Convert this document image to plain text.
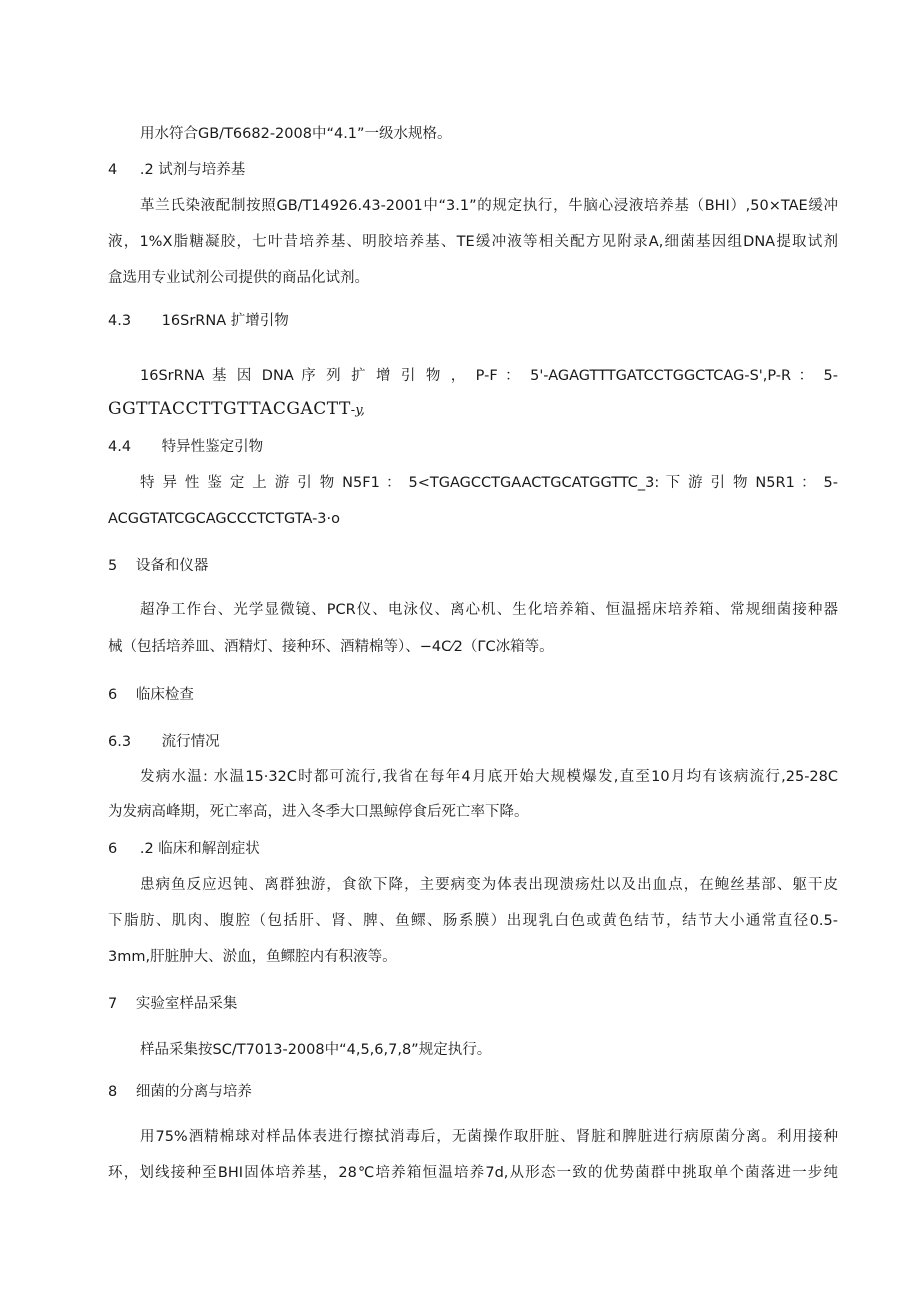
用水符合GB/T6682-2008中“4.1”一级水规格。
4 .2 试剂与培养基
革兰氏染液配制按照GB/T14926.43-2001中“3.1”的规定执行，牛脑心浸液培养基（BHI）,50×TAE缓冲
液，1%X脂糖凝胶，七叶昔培养基、明胶培养基、TE缓冲液等相关配方见附录A,细菌基因组DNA提取试剂
盒选用专业试剂公司提供的商品化试剂。
4.3 16SrRNA 扩增引物
16SrRNA 基 因 DNA 序 列 扩 增 引 物 ， P-F ： 5'-AGAGTTTGATCCTGGCTCAG-S',P-R ： 5-
GGTTACCTTGTTACGACTT-y,
4.4 特异性鉴定引物
特 异 性 鉴 定 上 游 引 物 N5F1 ： 5<TGAGCCTGAACTGCATGGTTC_3: 下 游 引 物 N5R1 ： 5-
ACGGTATCGCAGCCCTCTGTA-3·o
5 设备和仪器
超净工作台、光学显微镜、PCR仪、电泳仪、离心机、生化培养箱、恒温摇床培养箱、常规细菌接种器
械（包括培养皿、酒精灯、接种环、酒精棉等）、−4C⁄2（ΓC冰箱等。
6 临床检查
6.3 流行情况
发病水温: 水温15·32C时都可流行,我省在每年4月底开始大规模爆发,直至10月均有该病流行,25-28C
为发病高峰期，死亡率高，进入冬季大口黑鲸停食后死亡率下降。
6 .2 临床和解剖症状
患病鱼反应迟钝、离群独游，食欲下降，主要病变为体表出现溃疡灶以及出血点，在鲍丝基部、躯干皮
下脂肪、肌肉、腹腔（包括肝、肾、脾、鱼鳏、肠系膜）出现乳白色或黄色结节，结节大小通常直径0.5-
3mm,肝脏肿大、淤血，鱼鳏腔内有积液等。
7 实验室样品采集
样品采集按SC/T7013-2008中“4,5,6,7,8”规定执行。
8 细菌的分离与培养
用75%酒精棉球对样品体表进行擦拭消毒后，无菌操作取肝脏、肾脏和脾脏进行病原菌分离。利用接种
环，划线接种至BHI固体培养基，28℃培养箱恒温培养7d,从形态一致的优势菌群中挑取单个菌落进一步纯
